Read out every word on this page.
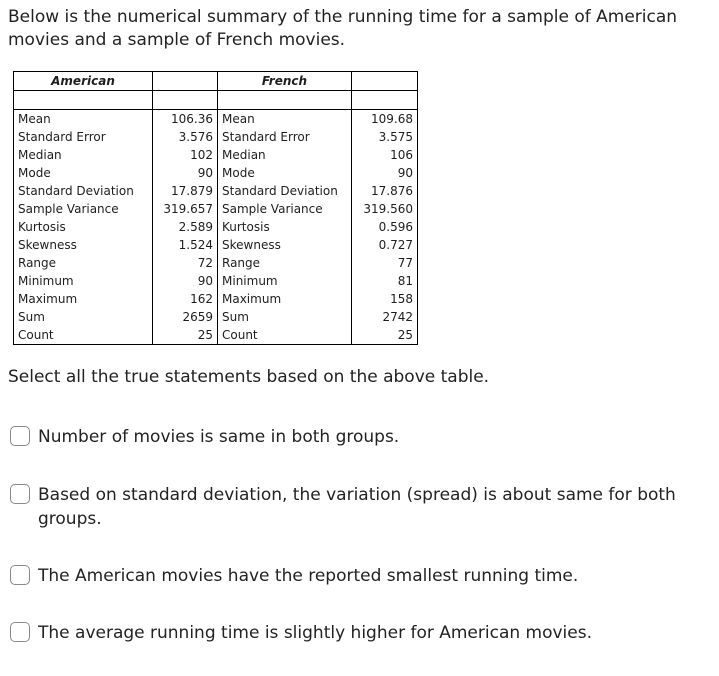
Below is the numerical summary of the running time for a sample of American movies and a sample of French movies.

American		French	

Mean	106.36	Mean	109.68
Standard Error	3.576	Standard Error	3.575
Median	102	Median	106
Mode	90	Mode	90
Standard Deviation	17.879	Standard Deviation	17.876
Sample Variance	319.657	Sample Variance	319.560
Kurtosis	2.589	Kurtosis	0.596
Skewness	1.524	Skewness	0.727
Range	72	Range	77
Minimum	90	Minimum	81
Maximum	162	Maximum	158
Sum	2659	Sum	2742
Count	25	Count	25

Select all the true statements based on the above table.

Number of movies is same in both groups.
Based on standard deviation, the variation (spread) is about same for both groups.
The American movies have the reported smallest running time.
The average running time is slightly higher for American movies.
